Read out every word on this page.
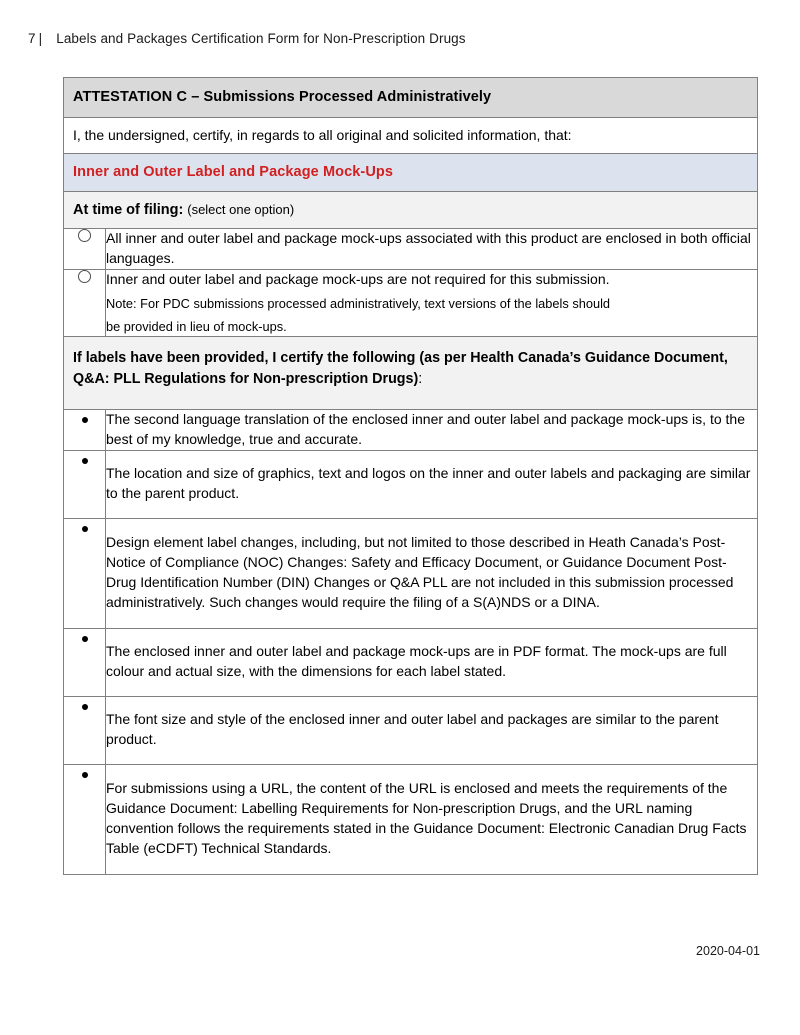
7 | Labels and Packages Certification Form for Non-Prescription Drugs
ATTESTATION C – Submissions Processed Administratively	
I, the undersigned, certify, in regards to all original and solicited information, that:	
Inner and Outer Label and Package Mock-Ups	
At time of filing: (select one option)	

	All inner and outer label and package mock-ups associated with this product are enclosed in both official languages.

	Inner and outer label and package mock-ups are not required for this submission.

Note: For PDC submissions processed administratively, text versions of the labels should

be provided in lieu of mock-ups.

If labels have been provided, I certify the following (as per Health Canada’s Guidance Document, Q&A: PLL Regulations for Non-prescription Drugs):	

	The second language translation of the enclosed inner and outer label and package mock-ups is, to the best of my knowledge, true and accurate.

	The location and size of graphics, text and logos on the inner and outer labels and packaging are similar to the parent product.

	Design element label changes, including, but not limited to those described in Heath Canada’s Post-Notice of Compliance (NOC) Changes: Safety and Efficacy Document, or Guidance Document Post-Drug Identification Number (DIN) Changes or Q&A PLL are not included in this submission processed administratively. Such changes would require the filing of a S(A)NDS or a DINA.

	The enclosed inner and outer label and package mock-ups are in PDF format. The mock-ups are full colour and actual size, with the dimensions for each label stated.

	The font size and style of the enclosed inner and outer label and packages are similar to the parent product.

	For submissions using a URL, the content of the URL is enclosed and meets the requirements of the Guidance Document: Labelling Requirements for Non-prescription Drugs, and the URL naming convention follows the requirements stated in the Guidance Document: Electronic Canadian Drug Facts Table (eCDFT) Technical Standards.

2020-04-01
